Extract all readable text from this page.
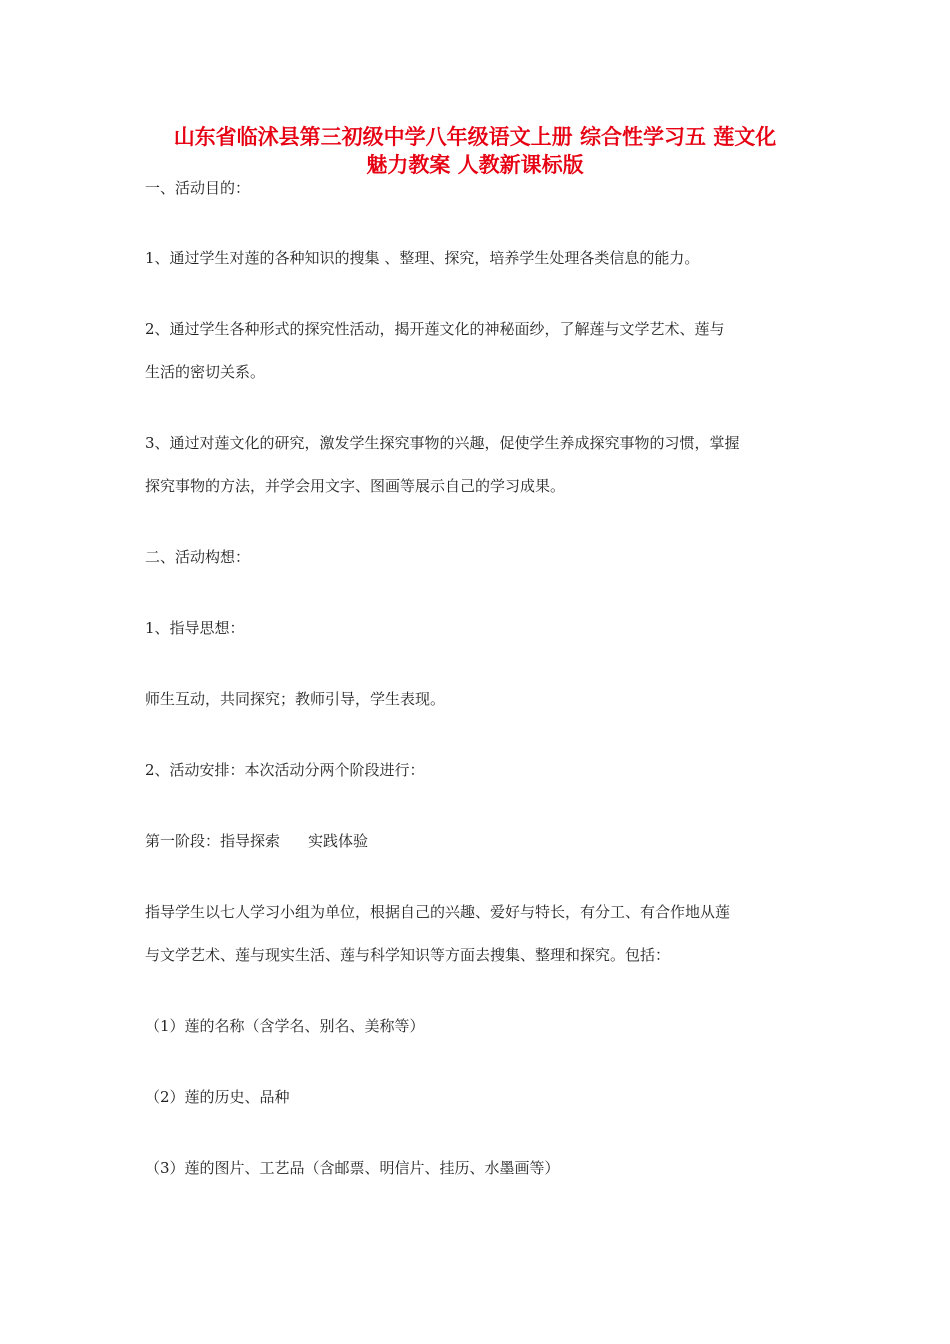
山东省临沭县第三初级中学八年级语文上册 综合性学习五 莲文化
魅力教案 人教新课标版

一、活动目的：

1、通过学生对莲的各种知识的搜集 、整理、探究，培养学生处理各类信息的能力。

2、通过学生各种形式的探究性活动，揭开莲文化的神秘面纱，了解莲与文学艺术、莲与

生活的密切关系。

3、通过对莲文化的研究，激发学生探究事物的兴趣，促使学生养成探究事物的习惯，掌握

探究事物的方法，并学会用文字、图画等展示自己的学习成果。

二、活动构想：

1、指导思想：

师生互动，共同探究；教师引导，学生表现。

2、活动安排：本次活动分两个阶段进行：

第一阶段：指导探索 实践体验

指导学生以七人学习小组为单位，根据自己的兴趣、爱好与特长，有分工、有合作地从莲

与文学艺术、莲与现实生活、莲与科学知识等方面去搜集、整理和探究。包括：

（1）莲的名称（含学名、别名、美称等）

（2）莲的历史、品种

（3）莲的图片、工艺品（含邮票、明信片、挂历、水墨画等）
